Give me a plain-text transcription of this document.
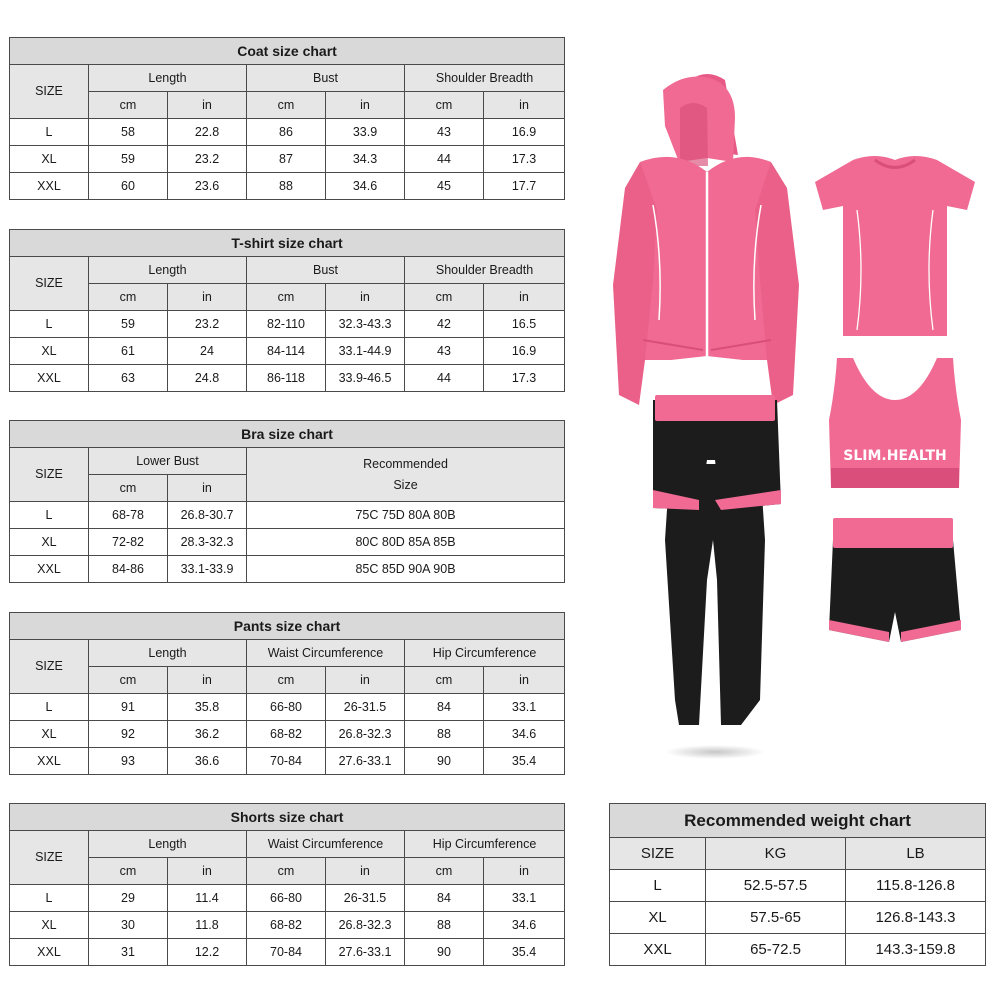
Coat size chart						
SIZE	Length		Bust		Shoulder Breadth	
	cm	in	cm	in	cm	in
L	58	22.8	86	33.9	43	16.9
XL	59	23.2	87	34.3	44	17.3
XXL	60	23.6	88	34.6	45	17.7
T-shirt size chart						
SIZE	Length		Bust		Shoulder Breadth	
	cm	in	cm	in	cm	in
L	59	23.2	82-110	32.3-43.3	42	16.5
XL	61	24	84-114	33.1-44.9	43	16.9
XXL	63	24.8	86-118	33.9-46.5	44	17.3
Bra size chart			
SIZE	Lower Bust		Recommended
Size

	cm	in	
L	68-78	26.8-30.7	75C 75D 80A 80B
XL	72-82	28.3-32.3	80C 80D 85A 85B
XXL	84-86	33.1-33.9	85C 85D 90A 90B
Pants size chart						
SIZE	Length		Waist Circumference		Hip Circumference	
	cm	in	cm	in	cm	in
L	91	35.8	66-80	26-31.5	84	33.1
XL	92	36.2	68-82	26.8-32.3	88	34.6
XXL	93	36.6	70-84	27.6-33.1	90	35.4
Shorts size chart						
SIZE	Length		Waist Circumference		Hip Circumference	
	cm	in	cm	in	cm	in
L	29	11.4	66-80	26-31.5	84	33.1
XL	30	11.8	68-82	26.8-32.3	88	34.6
XXL	31	12.2	70-84	27.6-33.1	90	35.4
Recommended weight chart		
SIZE	KG	LB
L	52.5-57.5	115.8-126.8
XL	57.5-65	126.8-143.3
XXL	65-72.5	143.3-159.8
SLIM.HEALTH
